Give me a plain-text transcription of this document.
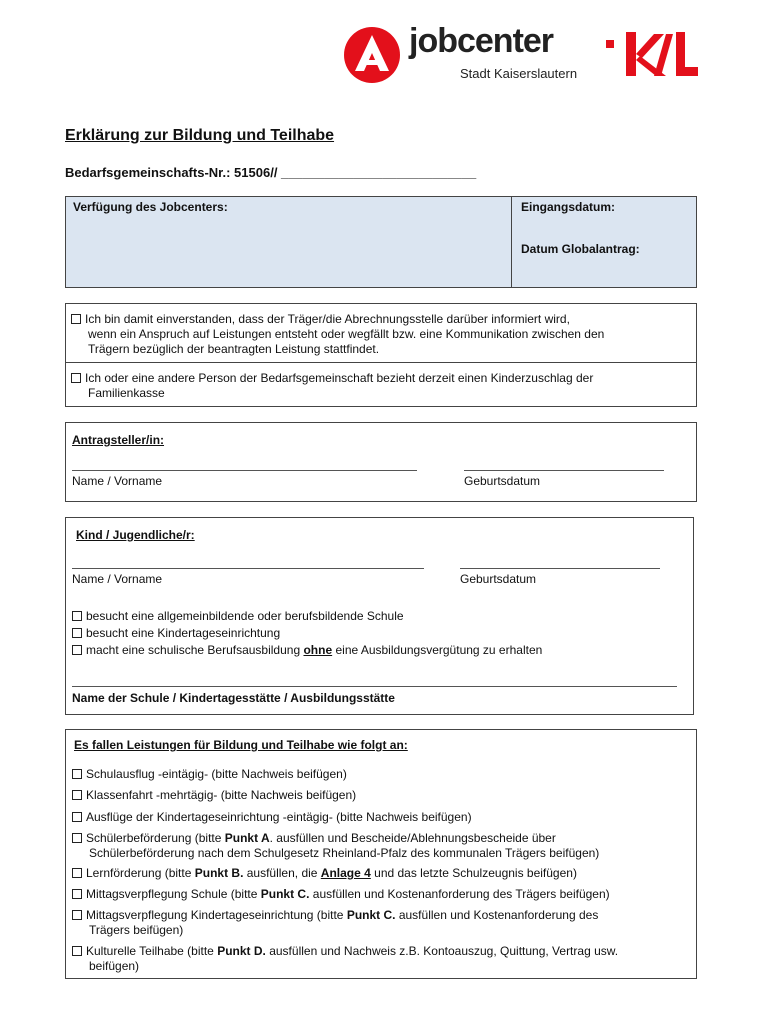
jobcenter
Stadt Kaiserslautern
Erklärung zur Bildung und Teilhabe
Bedarfsgemeinschafts-Nr.: 51506// ___________________________
Verfügung des Jobcenters:	Eingangsdatum:
Datum Globalantrag:
Ich bin damit einverstanden, dass der Träger/die Abrechnungsstelle darüber informiert wird,
wenn ein Anspruch auf Leistungen entsteht oder wegfällt bzw. eine Kommunikation zwischen den
Trägern bezüglich der beantragten Leistung stattfindet.
Ich oder eine andere Person der Bedarfsgemeinschaft bezieht derzeit einen Kinderzuschlag der
Familienkasse
Antragsteller/in:
Name / Vorname	Geburtsdatum
Kind / Jugendliche/r:
Name / Vorname	Geburtsdatum
besucht eine allgemeinbildende oder berufsbildende Schule
besucht eine Kindertageseinrichtung
macht eine schulische Berufsausbildung ohne eine Ausbildungsvergütung zu erhalten
Name der Schule / Kindertagesstätte / Ausbildungsstätte
Es fallen Leistungen für Bildung und Teilhabe wie folgt an:
Schulausflug -eintägig- (bitte Nachweis beifügen)
Klassenfahrt -mehrtägig- (bitte Nachweis beifügen)
Ausflüge der Kindertageseinrichtung -eintägig- (bitte Nachweis beifügen)
Schülerbeförderung (bitte Punkt A. ausfüllen und Bescheide/Ablehnungsbescheide über
Schülerbeförderung nach dem Schulgesetz Rheinland-Pfalz des kommunalen Trägers beifügen)
Lernförderung (bitte Punkt B. ausfüllen, die Anlage 4 und das letzte Schulzeugnis beifügen)
Mittagsverpflegung Schule (bitte Punkt C. ausfüllen und Kostenanforderung des Trägers beifügen)
Mittagsverpflegung Kindertageseinrichtung (bitte Punkt C. ausfüllen und Kostenanforderung des
Trägers beifügen)
Kulturelle Teilhabe (bitte Punkt D. ausfüllen und Nachweis z.B. Kontoauszug, Quittung, Vertrag usw.
beifügen)
